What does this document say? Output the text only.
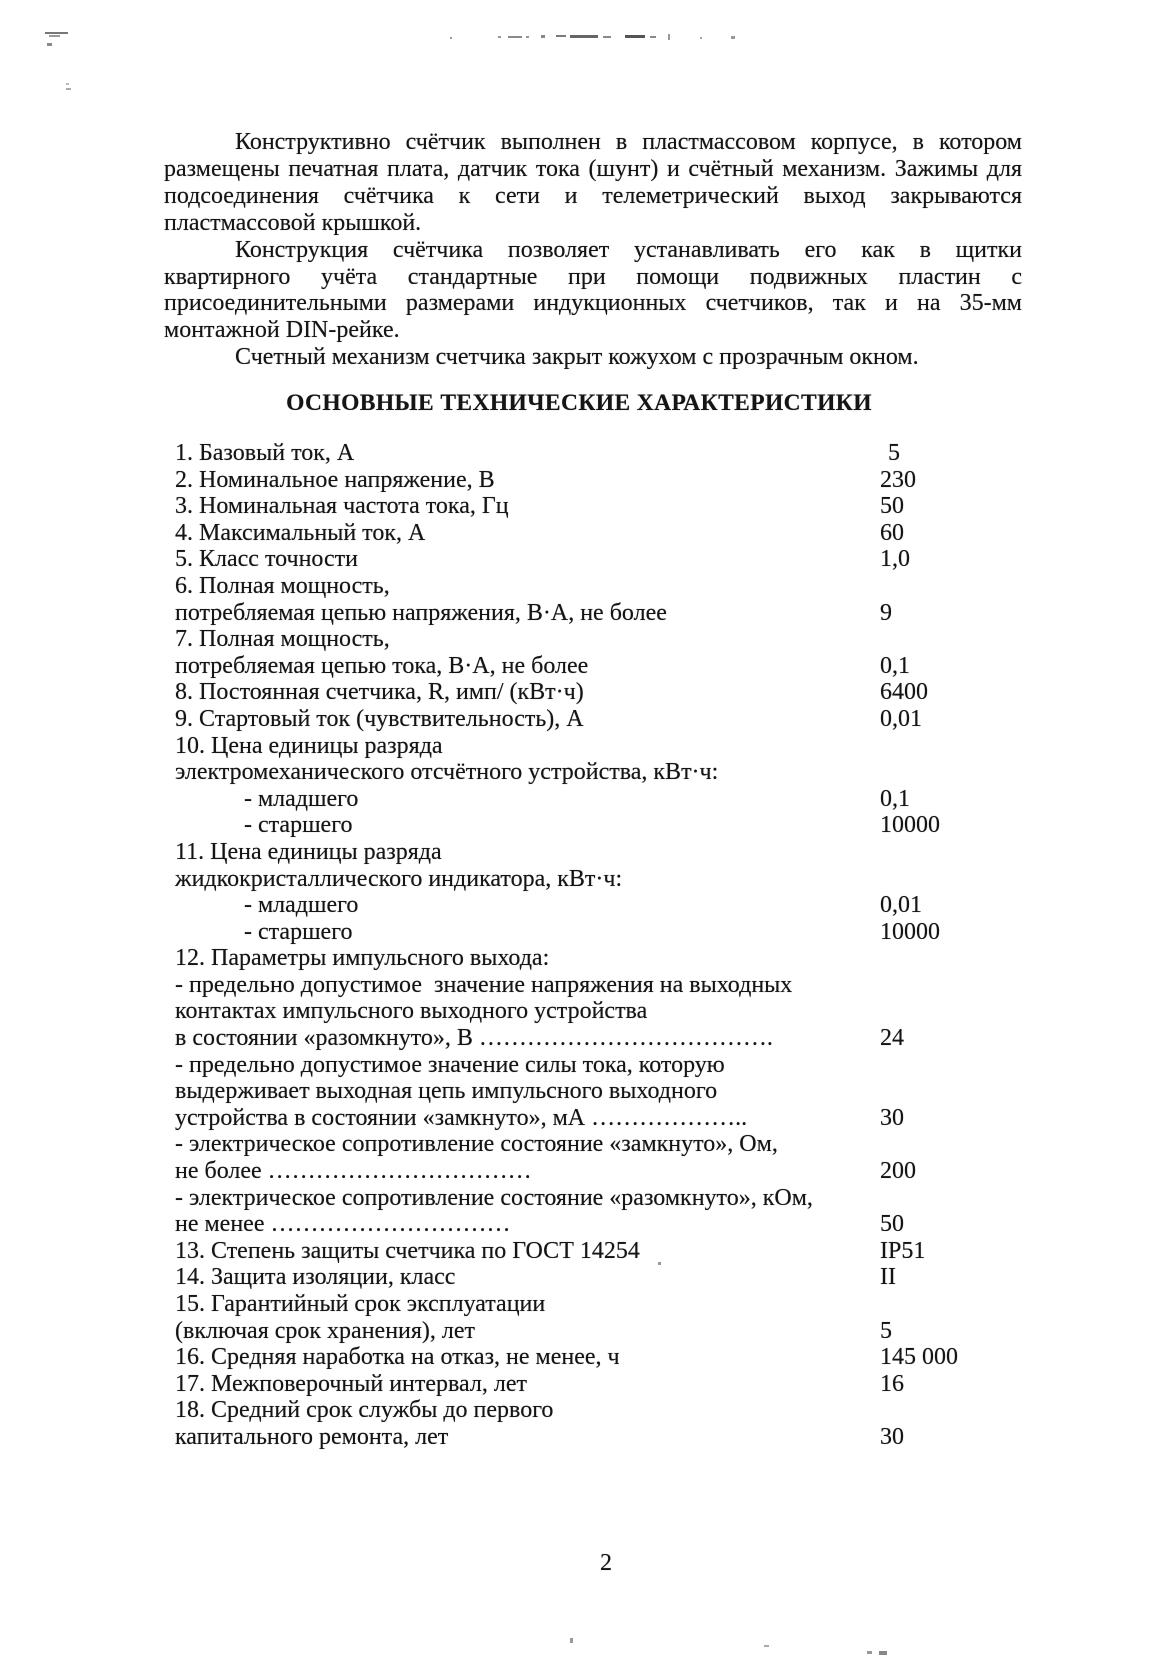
Конструктивно счётчик выполнен в пластмассовом корпусе, в котором размещены печатная плата, датчик тока (шунт) и счётный механизм. Зажимы для подсоединения счётчика к сети и телеметрический выход закрываются пластмассовой крышкой.

Конструкция счётчика позволяет устанавливать его как в щитки квартирного учёта стандартные при помощи подвижных пластин с присоединительными размерами индукционных счетчиков, так и на 35-мм монтажной DIN-рейке.

Счетный механизм счетчика закрыт кожухом с прозрачным окном.

ОСНОВНЫЕ ТЕХНИЧЕСКИЕ ХАРАКТЕРИСТИКИ
1. Базовый ток, А	5
2. Номинальное напряжение, В	230
3. Номинальная частота тока, Гц	50
4. Максимальный ток, А	60
5. Класс точности	1,0
6. Полная мощность,
потребляемая цепью напряжения, В·А, не более	9
7. Полная мощность,
потребляемая цепью тока, В·А, не более	0,1
8. Постоянная счетчика, R, имп/ (кВт·ч)	6400
9. Стартовый ток (чувствительность), А	0,01
10. Цена единицы разряда
электромеханического отсчётного устройства, кВт·ч:
- младшего	0,1
- старшего	10000
11. Цена единицы разряда
жидкокристаллического индикатора, кВт·ч:
- младшего	0,01
- старшего	10000
12. Параметры импульсного выхода:
- предельно допустимое  значение напряжения на выходных
контактах импульсного выходного устройства
в состоянии «разомкнуто», В ……………………………….	24
- предельно допустимое значение силы тока, которую
выдерживает выходная цепь импульсного выходного
устройства в состоянии «замкнуто», мА ………………..	30
- электрическое сопротивление состояние «замкнуто», Ом,
не более ……………………………	200
- электрическое сопротивление состояние «разомкнуто», кОм,
не менее …………………………	50
13. Степень защиты счетчика по ГОСТ 14254	IP51
14. Защита изоляции, класс	II
15. Гарантийный срок эксплуатации
(включая срок хранения), лет	5
16. Средняя наработка на отказ, не менее, ч	145 000
17. Межповерочный интервал, лет	16
18. Средний срок службы до первого
капитального ремонта, лет	30

2
